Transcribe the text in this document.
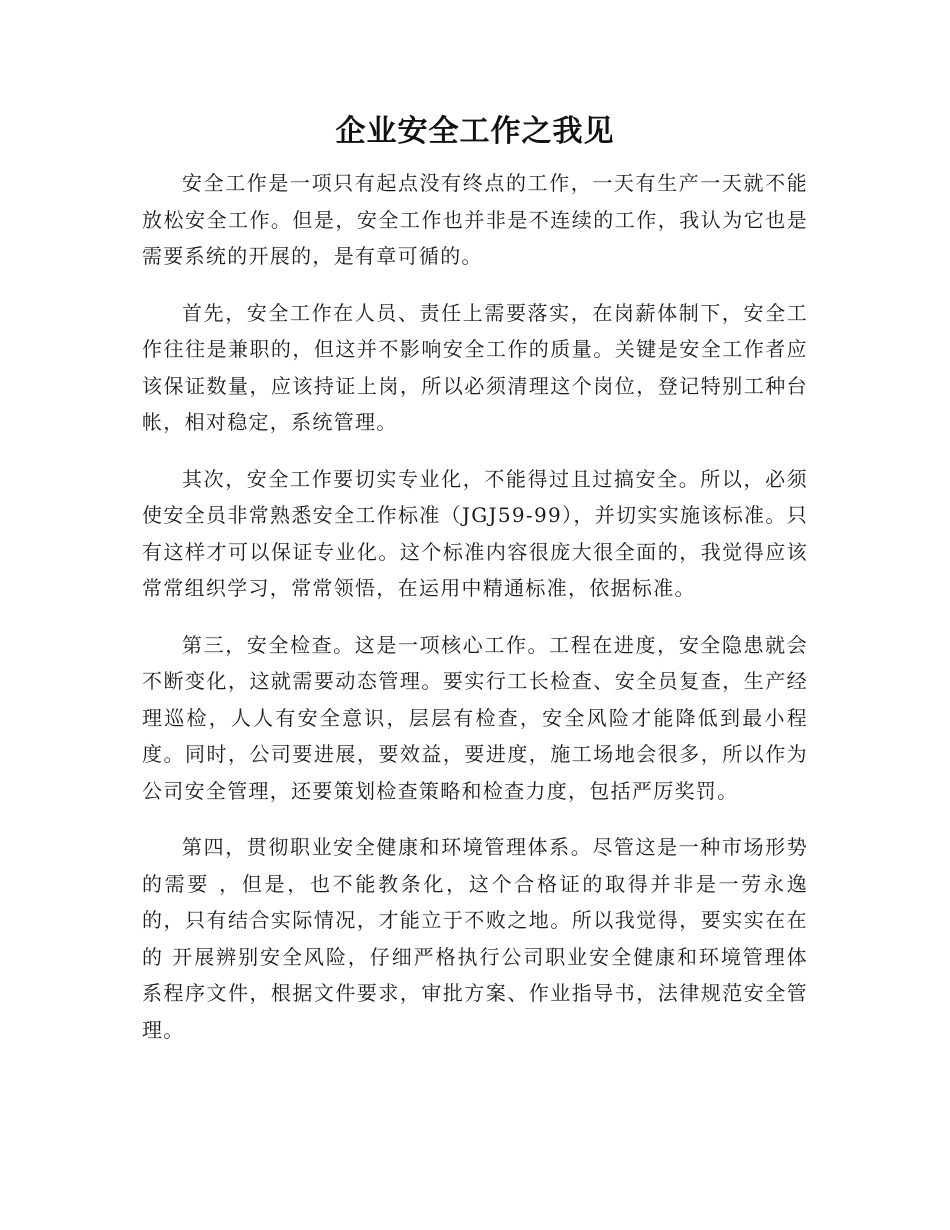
企业安全工作之我见

安全工作是一项只有起点没有终点的工作，一天有生产一天就不能放松安全工作。但是，安全工作也并非是不连续的工作，我认为它也是需要系统的开展的，是有章可循的。

首先，安全工作在人员、责任上需要落实，在岗薪体制下，安全工作往往是兼职的，但这并不影响安全工作的质量。关键是安全工作者应该保证数量，应该持证上岗，所以必须清理这个岗位，登记特别工种台帐，相对稳定，系统管理。

其次，安全工作要切实专业化，不能得过且过搞安全。所以，必须使安全员非常熟悉安全工作标准（JGJ59-99），并切实实施该标准。只有这样才可以保证专业化。这个标准内容很庞大很全面的，我觉得应该常常组织学习，常常领悟，在运用中精通标准，依据标准。

第三，安全检查。这是一项核心工作。工程在进度，安全隐患就会不断变化，这就需要动态管理。要实行工长检查、安全员复查，生产经理巡检，人人有安全意识，层层有检查，安全风险才能降低到最小程度。同时，公司要进展，要效益，要进度，施工场地会很多，所以作为公司安全管理，还要策划检查策略和检查力度，包括严厉奖罚。

第四，贯彻职业安全健康和环境管理体系。尽管这是一种市场形势的需要 ，但是，也不能教条化，这个合格证的取得并非是一劳永逸的，只有结合实际情况，才能立于不败之地。所以我觉得，要实实在在的 开展辨别安全风险，仔细严格执行公司职业安全健康和环境管理体系程序文件，根据文件要求，审批方案、作业指导书，法律规范安全管理。
